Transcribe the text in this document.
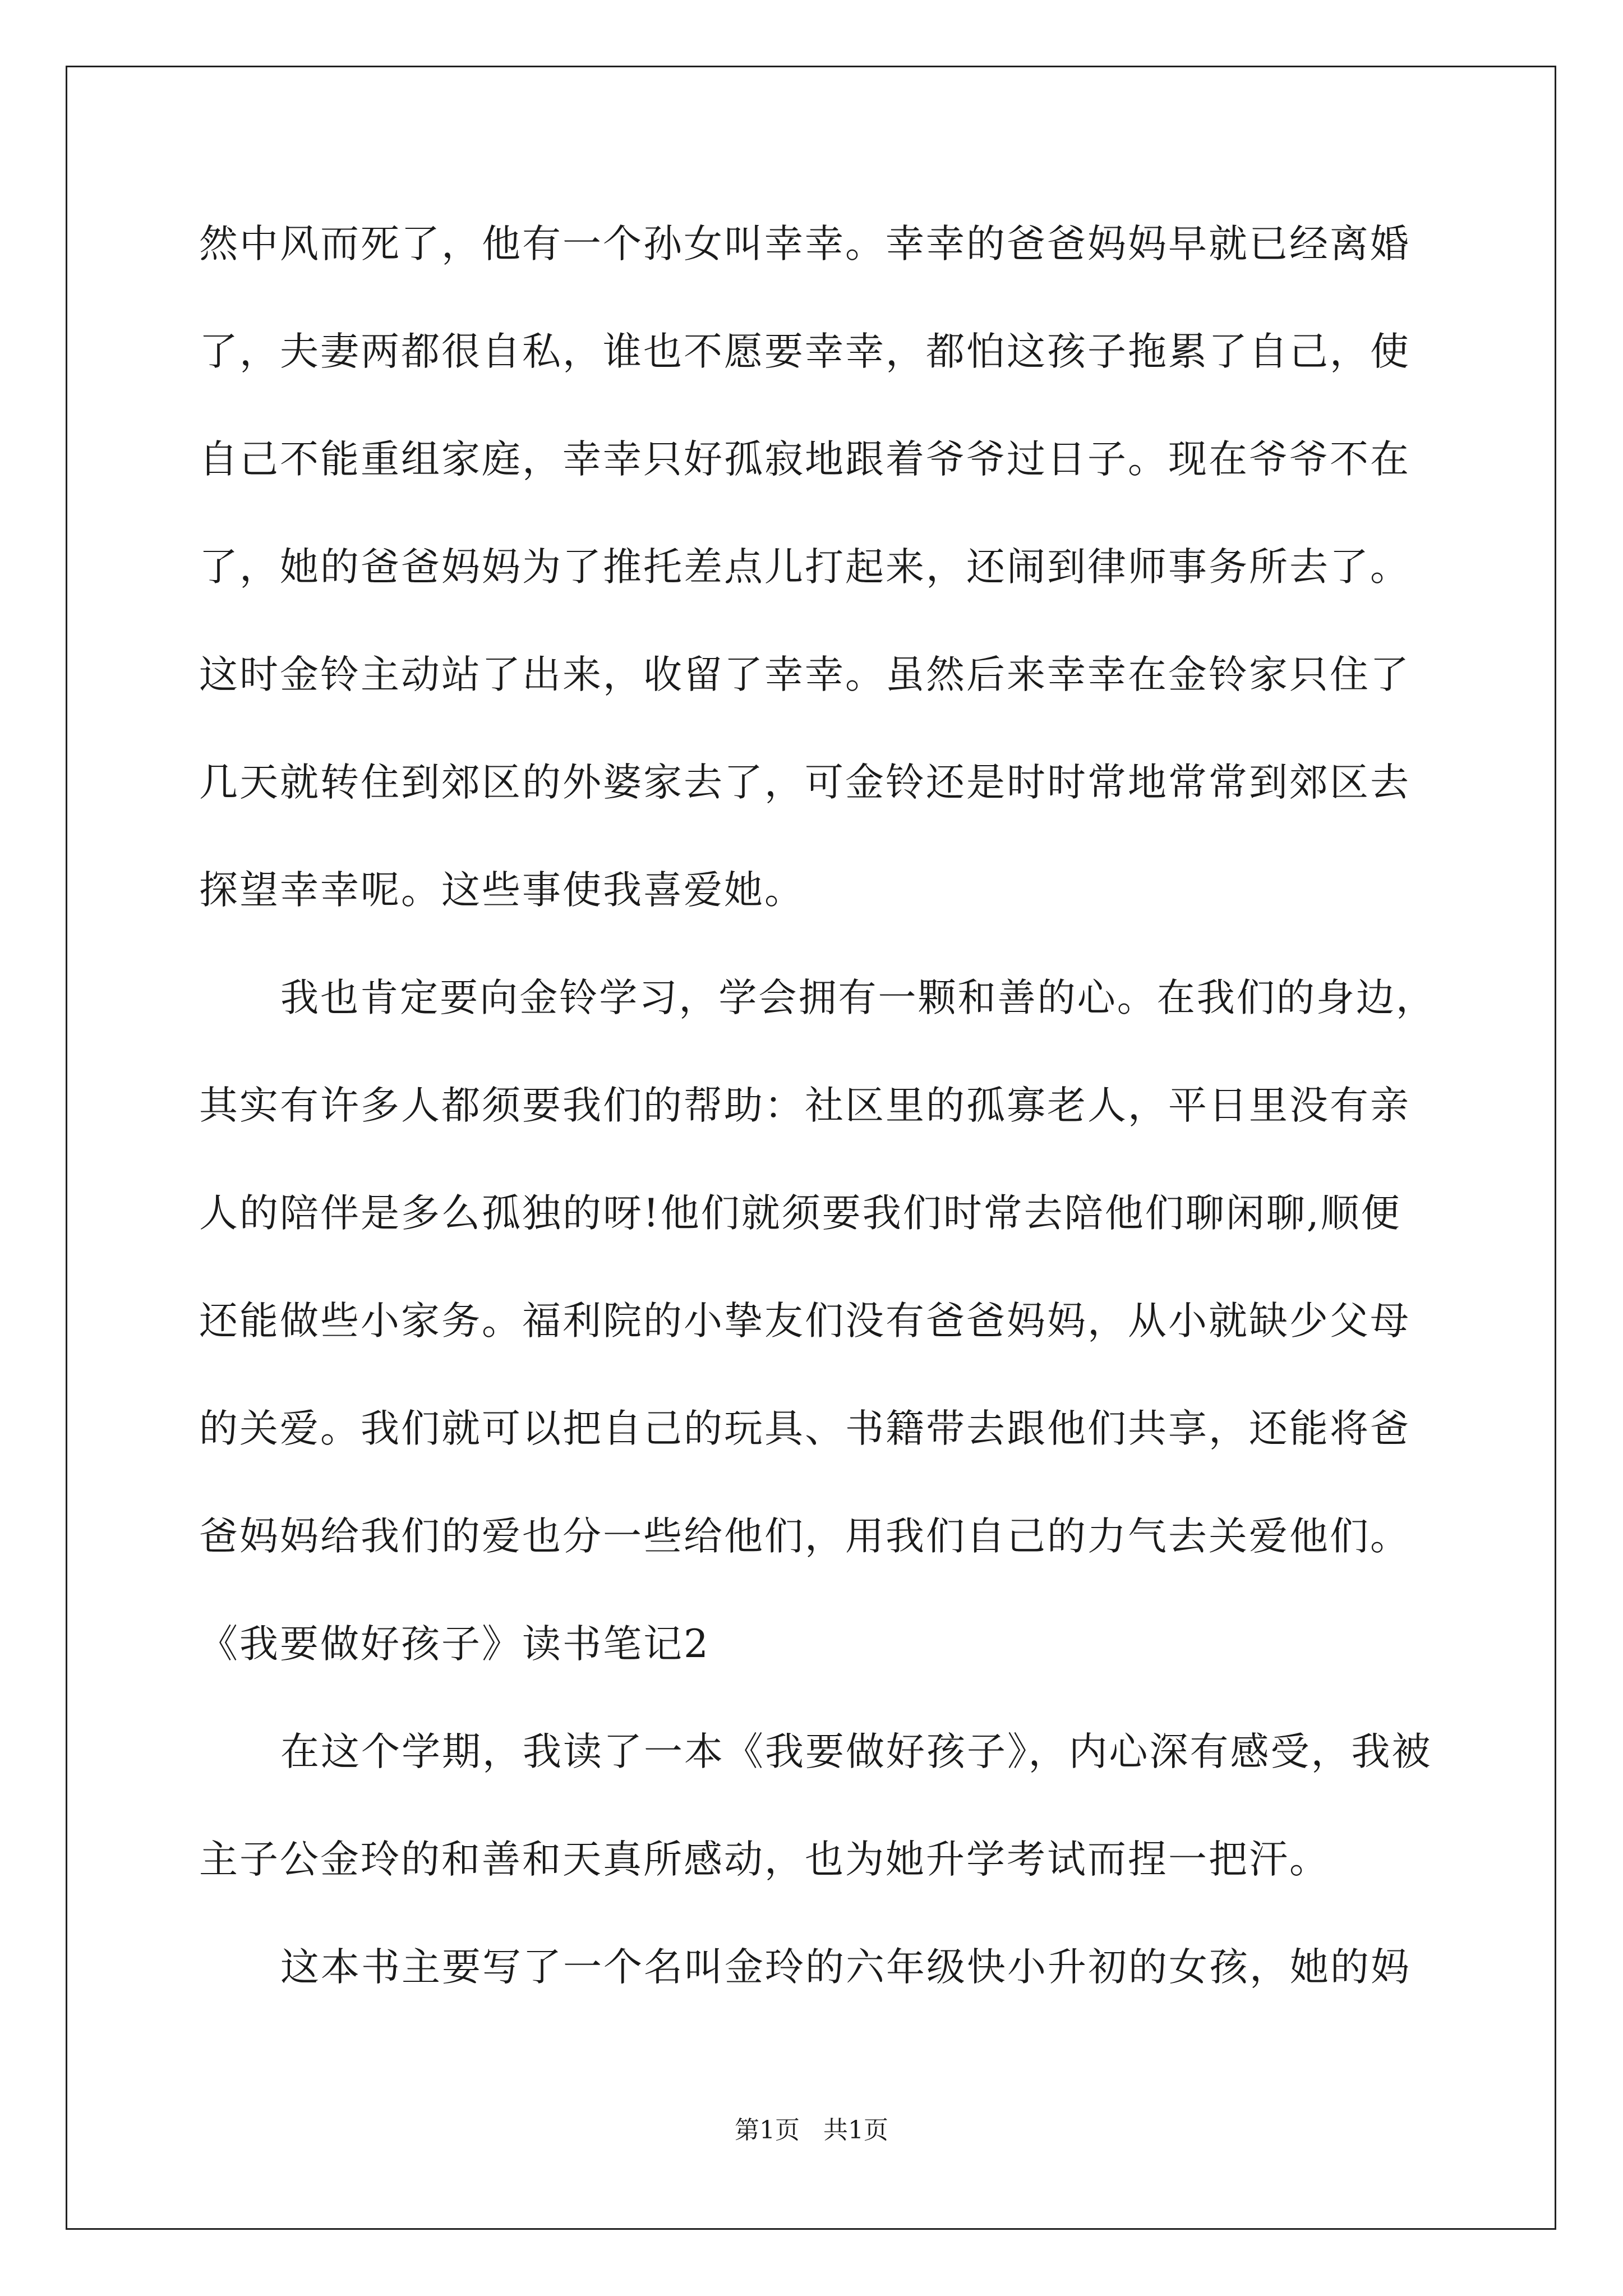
然中风而死了，他有一个孙女叫幸幸。幸幸的爸爸妈妈早就已经离婚
了，夫妻两都很自私，谁也不愿要幸幸，都怕这孩子拖累了自己，使
自己不能重组家庭，幸幸只好孤寂地跟着爷爷过日子。现在爷爷不在
了，她的爸爸妈妈为了推托差点儿打起来，还闹到律师事务所去了。
这时金铃主动站了出来，收留了幸幸。虽然后来幸幸在金铃家只住了
几天就转住到郊区的外婆家去了，可金铃还是时时常地常常到郊区去
探望幸幸呢。这些事使我喜爱她。
我也肯定要向金铃学习，学会拥有一颗和善的心。在我们的身边，
其实有许多人都须要我们的帮助：社区里的孤寡老人，平日里没有亲
人的陪伴是多么孤独的呀!他们就须要我们时常去陪他们聊闲聊,顺便
还能做些小家务。福利院的小挚友们没有爸爸妈妈，从小就缺少父母
的关爱。我们就可以把自己的玩具、书籍带去跟他们共享，还能将爸
爸妈妈给我们的爱也分一些给他们，用我们自己的力气去关爱他们。
《我要做好孩子》读书笔记2
在这个学期，我读了一本《我要做好孩子》，内心深有感受，我被
主子公金玲的和善和天真所感动，也为她升学考试而捏一把汗。
这本书主要写了一个名叫金玲的六年级快小升初的女孩，她的妈
第1页   共1页
